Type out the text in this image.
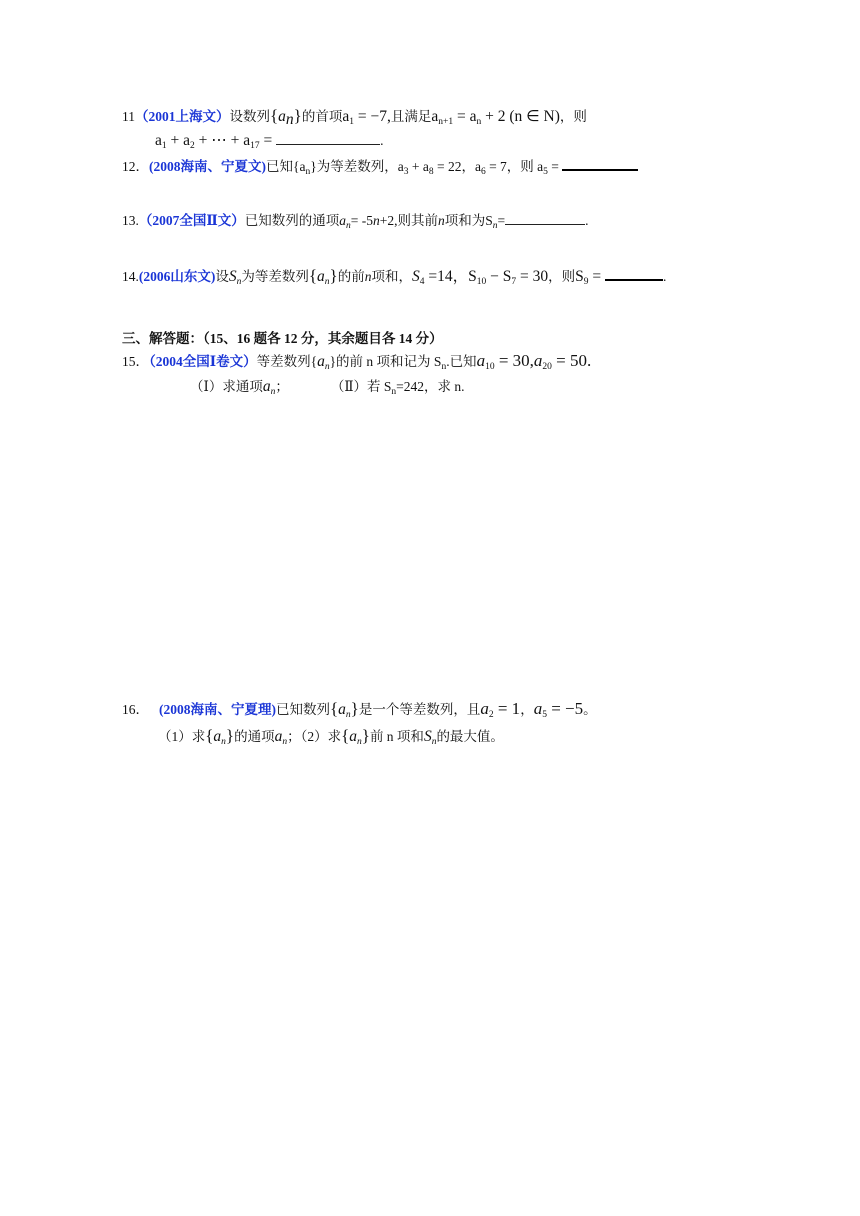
11（2001上海文）设数列$\{a_n\}$的首项$a_1 = -7$,且满足$a_{n+1} = a_n + 2$ (n ∈ N)，则
$a_1 + a_2$ + ⋯ + $a_{17}$ =	.
12．(2008海南、宁夏文)已知$\{a_n\}$为等差数列，$a_3 + a_8 = 22$，$a_6 = 7$，则 $a_5$ =
13.（2007全国Ⅱ文）已知数列的通项$a_n= -5n+2$,则其前n项和为$S_n=$	.
14.(2006山东文)设$S_n$为等差数列$\{a_n\}$的前n项和，$S_4 =14$，$S_{10} - S_7 = 30$，则$S_9$ =	.
三、解答题：（15、16 题各 12 分，其余题目各 14 分）
15．（2004全国Ⅰ卷文）等差数列$\{a_n\}$的前 n 项和记为 $S_n$.已知$a_{10} = 30,a_{20} = 50$.
（Ⅰ）求通项$a_n$；	（Ⅱ）若 $S_n=242$，求 n.
16． (2008海南、宁夏理)已知数列$\{a_n\}$是一个等差数列，且$a_2 = 1$，$a_5 = -5$。
（1）求$\{a_n\}$的通项$a_n$；（2）求$\{a_n\}$前 n 项和$S_n$的最大值。
